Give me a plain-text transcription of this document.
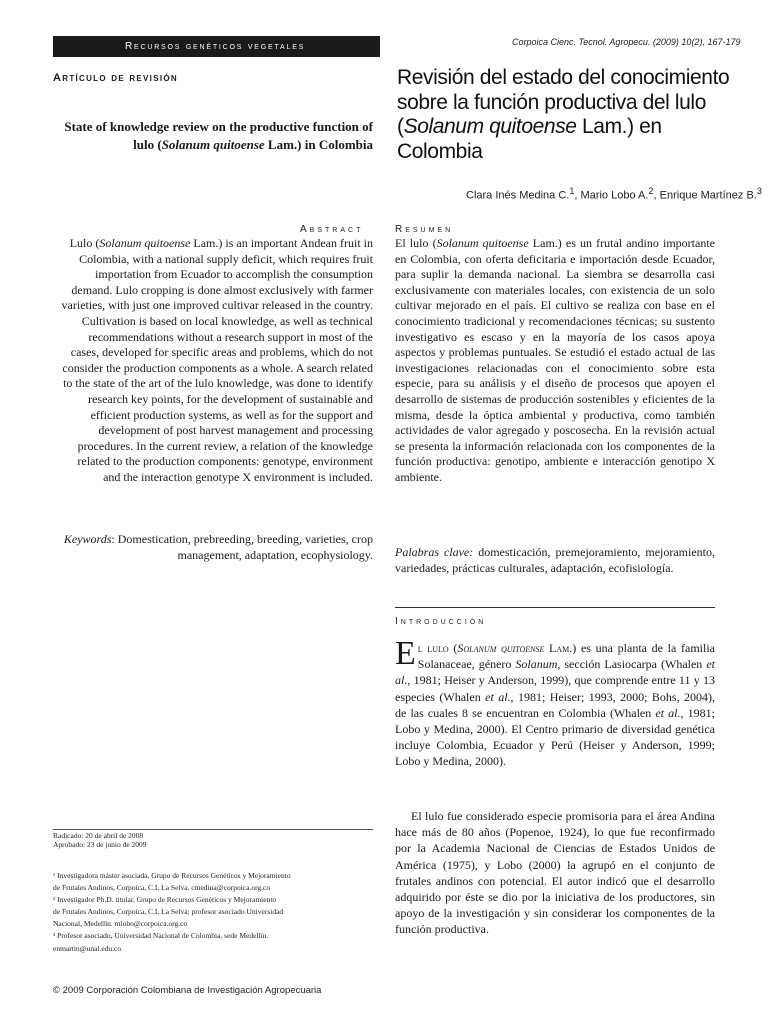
Recursos genéticos vegetales	Corpoica Cienc. Tecnol. Agropecu. (2009) 10(2), 167-179
Artículo de revisión	Revisión del estado del conocimiento sobre la función productiva del lulo (Solanum quitoense Lam.) en Colombia
Clara Inés Medina C.$^1$, Mario Lobo A.$^2$, Enrique Martínez B.$^3$
State of knowledge review on the productive function of lulo (Solanum quitoense Lam.) in Colombia
Abstract
Lulo (Solanum quitoense Lam.) is an important Andean fruit in Colombia, with a national supply deficit, which requires fruit importation from Ecuador to accomplish the consumption demand. Lulo cropping is done almost exclusively with farmer varieties, with just one improved cultivar released in the country. Cultivation is based on local knowledge, as well as technical recommendations without a research support in most of the cases, developed for specific areas and problems, which do not consider the production components as a whole. A search related to the state of the art of the lulo knowledge, was done to identify research key points, for the development of sustainable and efficient production systems, as well as for the support and development of post harvest management and processing procedures. In the current review, a relation of the knowledge related to the production components: genotype, environment and the interaction genotype X environment is included.
Keywords: Domestication, prebreeding, breeding, varieties, crop management, adaptation, ecophysiology.
Resumen
El lulo (Solanum quitoense Lam.) es un frutal andino importante en Colombia, con oferta deficitaria e importación desde Ecuador, para suplir la demanda nacional. La siembra se desarrolla casi exclusivamente con materiales locales, con existencia de un solo cultivar mejorado en el país. El cultivo se realiza con base en el conocimiento tradicional y recomendaciones técnicas; su sustento investigativo es escaso y en la mayoría de los casos apoya aspectos y problemas puntuales. Se estudió el estado actual de las investigaciones relacionadas con el conocimiento sobre esta especie, para su análisis y el diseño de procesos que apoyen el desarrollo de sistemas de producción sostenibles y eficientes de la misma, desde la óptica ambiental y productiva, como también actividades de valor agregado y poscosecha. En la revisión actual se presenta la información relacionada con los componentes de la función productiva: genotipo, ambiente e interacción genotipo X ambiente.
Palabras clave: domesticación, premejoramiento, mejoramiento, variedades, prácticas culturales, adaptación, ecofisiología.
Introducción
El lulo (Solanum quitoense Lam.) es una planta de la familia Solanaceae, género Solanum, sección Lasiocarpa (Whalen et al., 1981; Heiser y Anderson, 1999), que comprende entre 11 y 13 especies (Whalen et al., 1981; Heiser; 1993, 2000; Bohs, 2004), de las cuales 8 se encuentran en Colombia (Whalen et al., 1981; Lobo y Medina, 2000). El Centro primario de diversidad genética incluye Colombia, Ecuador y Perú (Heiser y Anderson, 1999; Lobo y Medina, 2000).
El lulo fue considerado especie promisoria para el área Andina hace más de 80 años (Popenoe, 1924), lo que fue reconfirmado por la Academia Nacional de Ciencias de Estados Unidos de América (1975), y Lobo (2000) la agrupó en el conjunto de frutales andinos con potencial. El autor indicó que el desarrollo adquirido por éste se dio por la iniciativa de los productores, sin apoyo de la investigación y sin considerar los componentes de la función productiva.
Radicado: 20 de abril de 2008
Aprobado: 23 de junio de 2009
¹ Investigadora máster asociada, Grupo de Recursos Genéticos y Mejoramiento
de Frutales Andinos, Corpoica, C.I. La Selva. cmedina@corpoica.org.co
² Investigador Ph.D. titular, Grupo de Recursos Genéticos y Mejoramiento
de Frutales Andinos, Corpoica, C.I. La Selva; profesor asociado Universidad
Nacional, Medellín. mlobo@corpoica.org.co
³ Profesor asociado, Universidad Nacional de Colombia, sede Medellín.
enmartin@unal.edu.co
© 2009 Corporación Colombiana de Investigación Agropecuaria
